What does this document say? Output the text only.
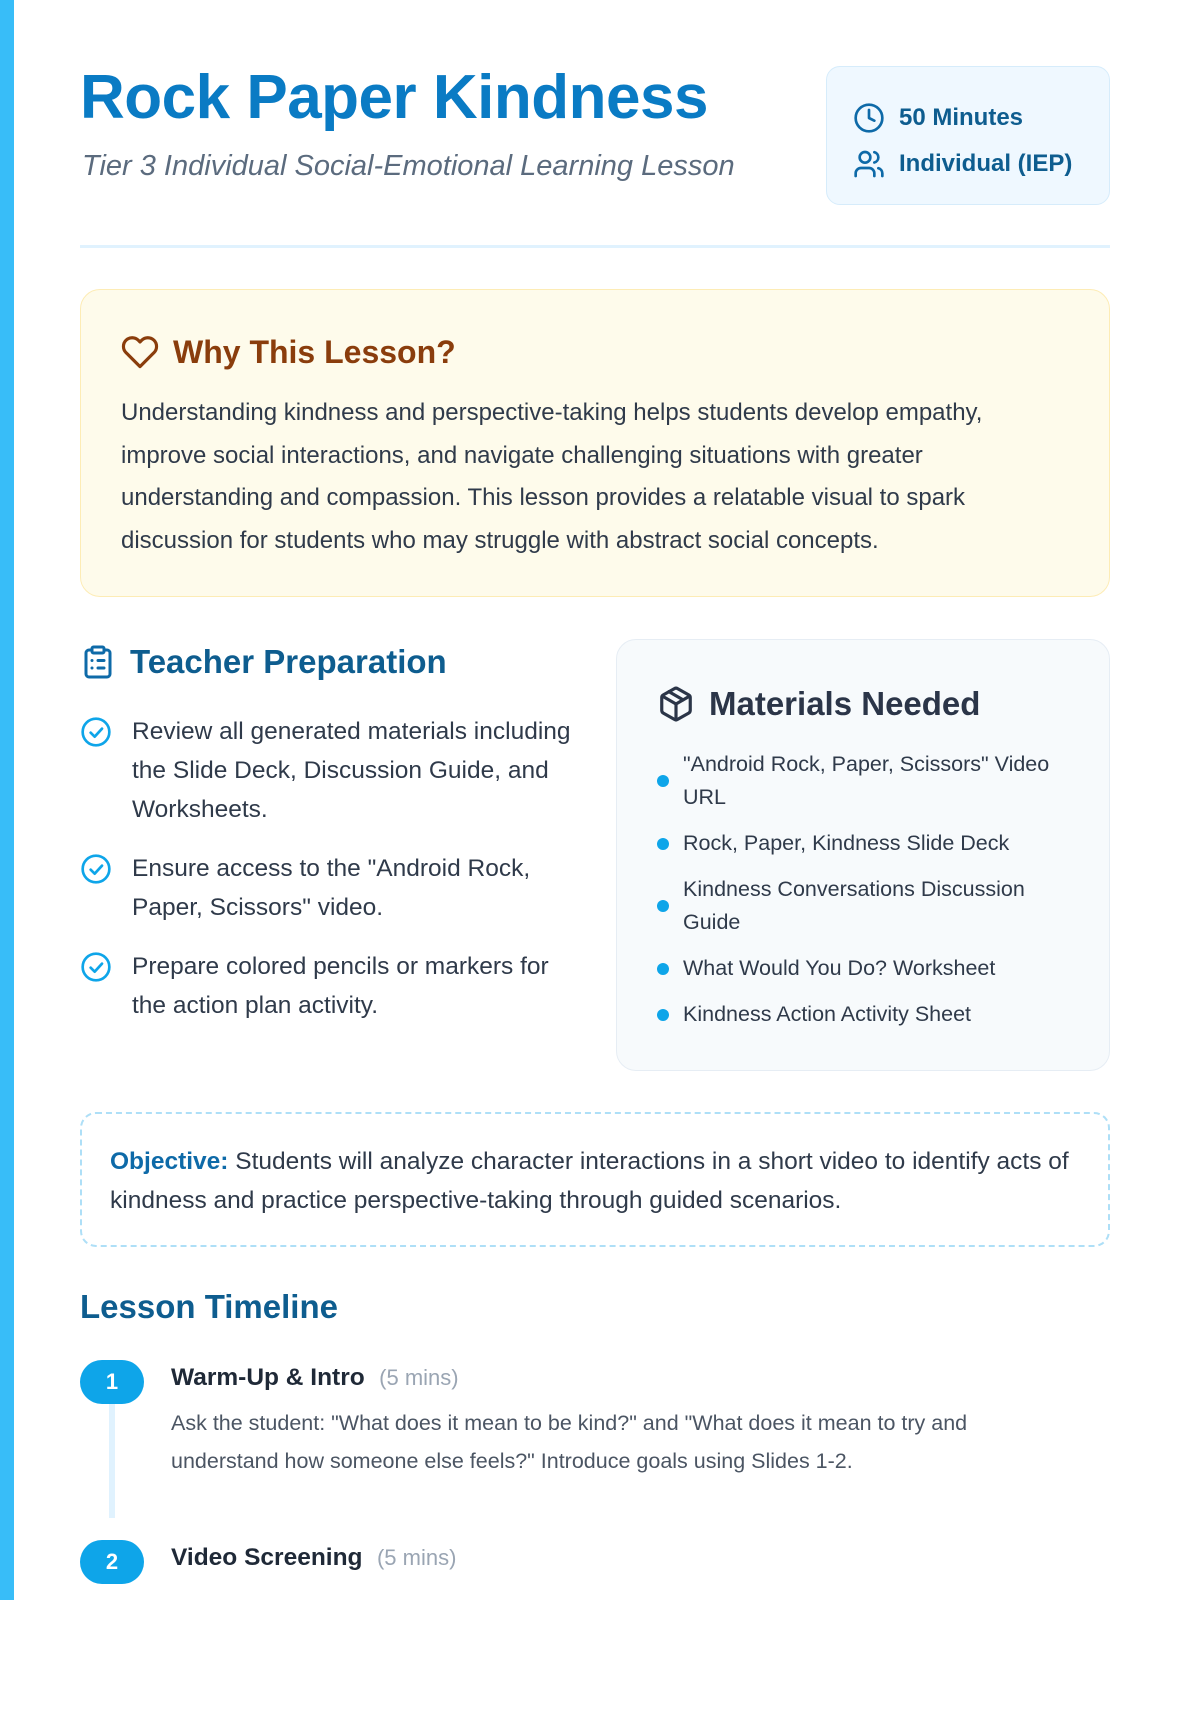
Rock Paper Kindness

Tier 3 Individual Social-Emotional Learning Lesson

50 Minutes
Individual (IEP)
Why This Lesson?

Understanding kindness and perspective-taking helps students develop empathy, improve social interactions, and navigate challenging situations with greater understanding and compassion. This lesson provides a relatable visual to spark discussion for students who may struggle with abstract social concepts.

Teacher Preparation
Review all generated materials including the Slide Deck, Discussion Guide, and Worksheets.
Ensure access to the "Android Rock, Paper, Scissors" video.
Prepare colored pencils or markers for the action plan activity.
Materials Needed
"Android Rock, Paper, Scissors" Video URL
Rock, Paper, Kindness Slide Deck
Kindness Conversations Discussion Guide
What Would You Do? Worksheet
Kindness Action Activity Sheet

Objective: Students will analyze character interactions in a short video to identify acts of kindness and practice perspective-taking through guided scenarios.

Lesson Timeline
1	Warm-Up & Intro (5 mins)

Ask the student: "What does it mean to be kind?" and "What does it mean to try and understand how someone else feels?" Introduce goals using Slides 1-2.

2	Video Screening (5 mins)
